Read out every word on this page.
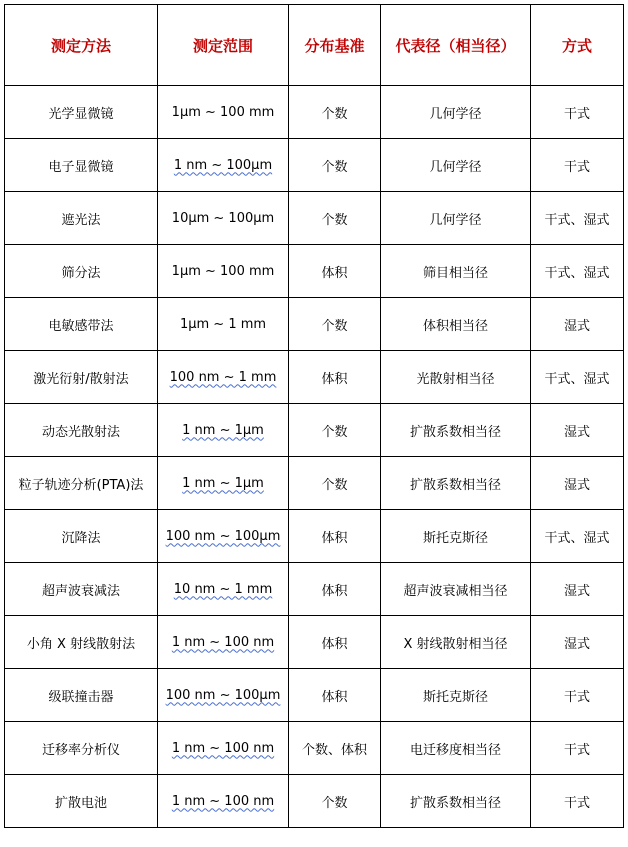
测定方法	测定范围	分布基准	代表径（相当径）	方式
光学显微镜	1μm ~ 100 mm	个数	几何学径	干式
电子显微镜	1 nm ~ 100μm	个数	几何学径	干式
遮光法	10μm ~ 100μm	个数	几何学径	干式、湿式
筛分法	1μm ~ 100 mm	体积	筛目相当径	干式、湿式
电敏感带法	1μm ~ 1 mm	个数	体积相当径	湿式
激光衍射/散射法	100 nm ~ 1 mm	体积	光散射相当径	干式、湿式
动态光散射法	1 nm ~ 1μm	个数	扩散系数相当径	湿式
粒子轨迹分析(PTA)法	1 nm ~ 1μm	个数	扩散系数相当径	湿式
沉降法	100 nm ~ 100μm	体积	斯托克斯径	干式、湿式
超声波衰减法	10 nm ~ 1 mm	体积	超声波衰减相当径	湿式
小角 X 射线散射法	1 nm ~ 100 nm	体积	X 射线散射相当径	湿式
级联撞击器	100 nm ~ 100μm	体积	斯托克斯径	干式
迁移率分析仪	1 nm ~ 100 nm	个数、体积	电迁移度相当径	干式
扩散电池	1 nm ~ 100 nm	个数	扩散系数相当径	干式
